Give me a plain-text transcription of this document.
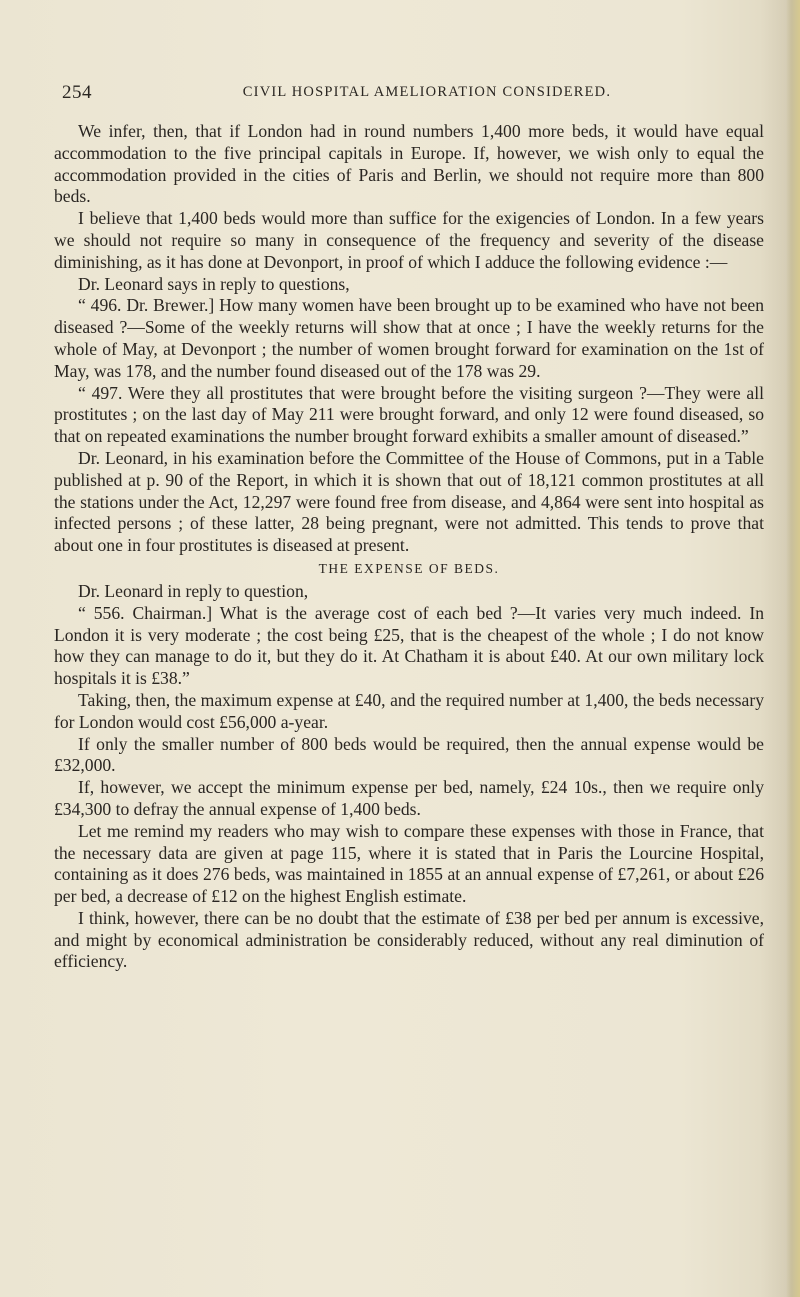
254	CIVIL HOSPITAL AMELIORATION CONSIDERED.

We infer, then, that if London had in round numbers 1,400 more beds, it would have equal accommodation to the five principal capitals in Europe. If, however, we wish only to equal the accommodation provided in the cities of Paris and Berlin, we should not require more than 800 beds.

I believe that 1,400 beds would more than suffice for the exigencies of London. In a few years we should not require so many in consequence of the frequency and severity of the disease diminishing, as it has done at Devonport, in proof of which I adduce the following evidence :—

Dr. Leonard says in reply to questions,

“ 496. Dr. Brewer.] How many women have been brought up to be examined who have not been diseased ?—Some of the weekly returns will show that at once ; I have the weekly returns for the whole of May, at Devonport ; the number of women brought forward for examination on the 1st of May, was 178, and the number found diseased out of the 178 was 29.

“ 497. Were they all prostitutes that were brought before the visiting surgeon ?—They were all prostitutes ; on the last day of May 211 were brought forward, and only 12 were found diseased, so that on repeated examinations the number brought forward exhibits a smaller amount of diseased.”

Dr. Leonard, in his examination before the Committee of the House of Commons, put in a Table published at p. 90 of the Report, in which it is shown that out of 18,121 common prostitutes at all the stations under the Act, 12,297 were found free from disease, and 4,864 were sent into hospital as infected persons ; of these latter, 28 being pregnant, were not admitted. This tends to prove that about one in four prostitutes is diseased at present.

THE EXPENSE OF BEDS.

Dr. Leonard in reply to question,

“ 556. Chairman.] What is the average cost of each bed ?—It varies very much indeed. In London it is very moderate ; the cost being £25, that is the cheapest of the whole ; I do not know how they can manage to do it, but they do it. At Chatham it is about £40. At our own military lock hospitals it is £38.”

Taking, then, the maximum expense at £40, and the required number at 1,400, the beds necessary for London would cost £56,000 a-year.

If only the smaller number of 800 beds would be required, then the annual expense would be £32,000.

If, however, we accept the minimum expense per bed, namely, £24 10s., then we require only £34,300 to defray the annual expense of 1,400 beds.

Let me remind my readers who may wish to compare these expenses with those in France, that the necessary data are given at page 115, where it is stated that in Paris the Lourcine Hospital, containing as it does 276 beds, was maintained in 1855 at an annual expense of £7,261, or about £26 per bed, a decrease of £12 on the highest English estimate.

I think, however, there can be no doubt that the estimate of £38 per bed per annum is excessive, and might by economical administration be considerably reduced, without any real diminution of efficiency.
